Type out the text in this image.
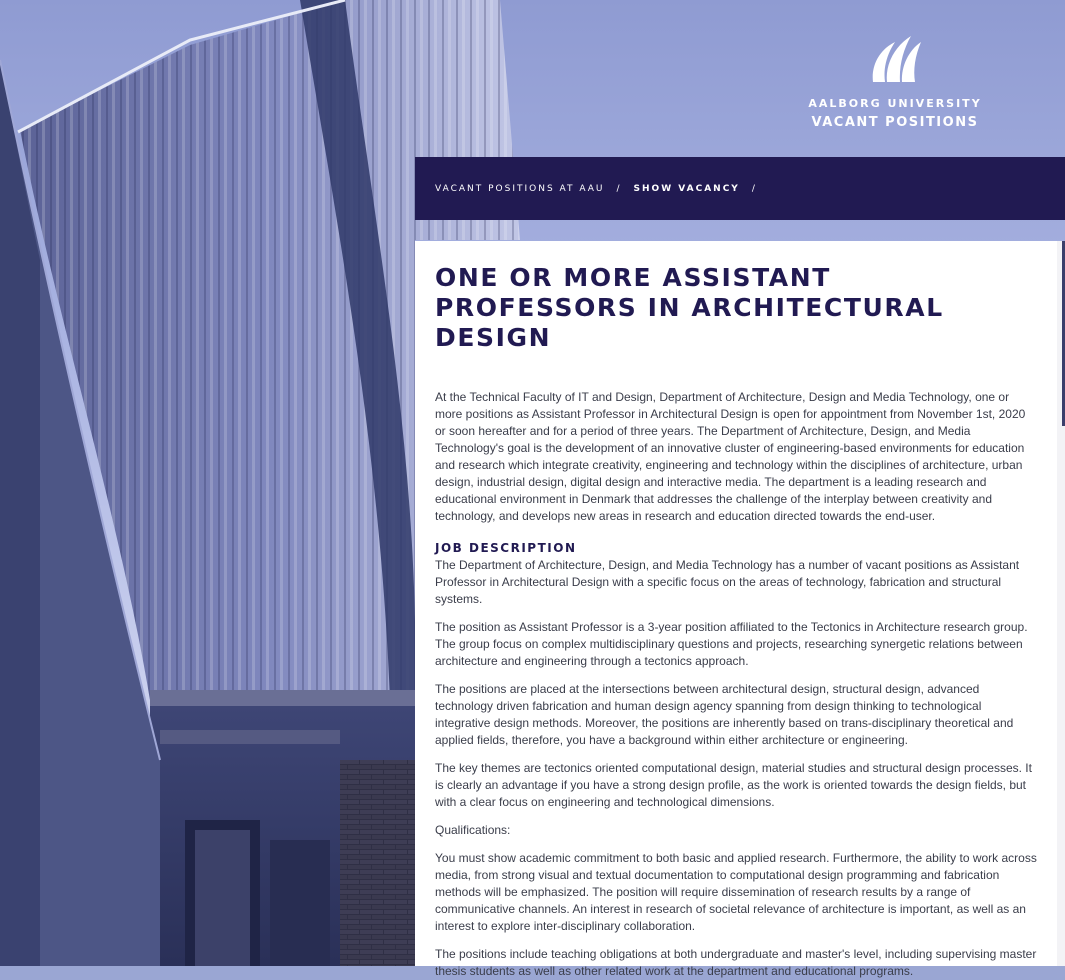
AALBORG UNIVERSITY
VACANT POSITIONS
VACANT POSITIONS AT AAU / SHOW VACANCY /
ONE OR MORE ASSISTANT PROFESSORS IN ARCHITECTURAL DESIGN

At the Technical Faculty of IT and Design, Department of Architecture, Design and Media Technology, one or more positions as Assistant Professor in Architectural Design is open for appointment from November 1st, 2020 or soon hereafter and for a period of three years. The Department of Architecture, Design, and Media Technology's goal is the development of an innovative cluster of engineering-based environments for education and research which integrate creativity, engineering and technology within the disciplines of architecture, urban design, industrial design, digital design and interactive media. The department is a leading research and educational environment in Denmark that addresses the challenge of the interplay between creativity and technology, and develops new areas in research and education directed towards the end-user.

JOB DESCRIPTION

The Department of Architecture, Design, and Media Technology has a number of vacant positions as Assistant Professor in Architectural Design with a specific focus on the areas of technology, fabrication and structural systems.

The position as Assistant Professor is a 3-year position affiliated to the Tectonics in Architecture research group. The group focus on complex multidisciplinary questions and projects, researching synergetic relations between architecture and engineering through a tectonics approach.

The positions are placed at the intersections between architectural design, structural design, advanced technology driven fabrication and human design agency spanning from design thinking to technological integrative design methods. Moreover, the positions are inherently based on trans-disciplinary theoretical and applied fields, therefore, you have a background within either architecture or engineering.

The key themes are tectonics oriented computational design, material studies and structural design processes. It is clearly an advantage if you have a strong design profile, as the work is oriented towards the design fields, but with a clear focus on engineering and technological dimensions.

Qualifications:

You must show academic commitment to both basic and applied research. Furthermore, the ability to work across media, from strong visual and textual documentation to computational design programming and fabrication methods will be emphasized. The position will require dissemination of research results by a range of communicative channels. An interest in research of societal relevance of architecture is important, as well as an interest to explore inter-disciplinary collaboration.

The positions include teaching obligations at both undergraduate and master's level, including supervising master thesis students as well as other related work at the department and educational programs.
